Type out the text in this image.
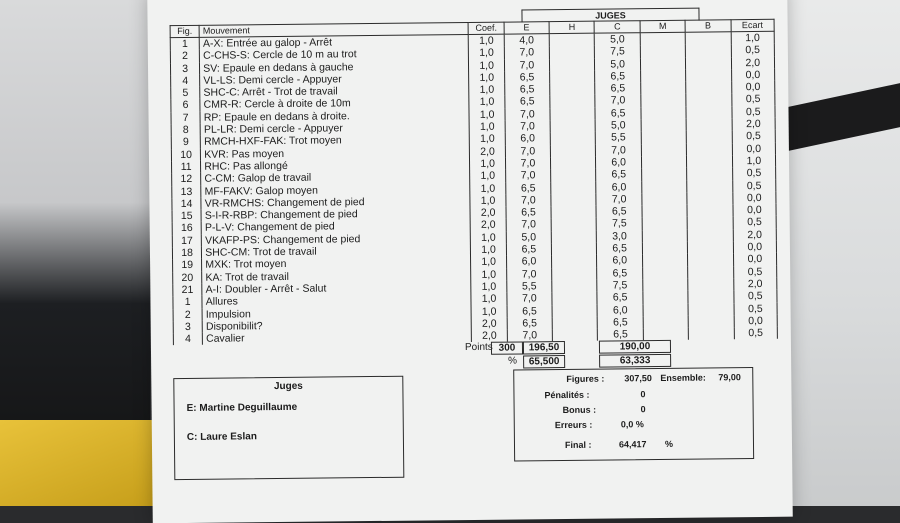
JUGES
Fig.	Mouvement	Coef.	E	H	C	M	B	Ecart
1	A-X: Entrée au galop - Arrêt	1,0	4,0		5,0			1,0
2	C-CHS-S: Cercle de 10 m au trot	1,0	7,0		7,5			0,5
3	SV: Epaule en dedans à gauche	1,0	7,0		5,0			2,0
4	VL-LS: Demi cercle - Appuyer	1,0	6,5		6,5			0,0
5	SHC-C: Arrêt - Trot de travail	1,0	6,5		6,5			0,0
6	CMR-R: Cercle à droite de 10m	1,0	6,5		7,0			0,5
7	RP: Epaule en dedans à droite.	1,0	7,0		6,5			0,5
8	PL-LR: Demi cercle - Appuyer	1,0	7,0		5,0			2,0
9	RMCH-HXF-FAK: Trot moyen	1,0	6,0		5,5			0,5
10	KVR: Pas moyen	2,0	7,0		7,0			0,0
11	RHC: Pas allongé	1,0	7,0		6,0			1,0
12	C-CM: Galop de travail	1,0	7,0		6,5			0,5
13	MF-FAKV: Galop moyen	1,0	6,5		6,0			0,5
14	VR-RMCHS: Changement de pied	1,0	7,0		7,0			0,0
15	S-I-R-RBP: Changement de pied	2,0	6,5		6,5			0,0
16	P-L-V: Changement de pied	2,0	7,0		7,5			0,5
17	VKAFP-PS: Changement de pied	1,0	5,0		3,0			2,0
18	SHC-CM: Trot de travail	1,0	6,5		6,5			0,0
19	MXK: Trot moyen	1,0	6,0		6,0			0,0
20	KA: Trot de travail	1,0	7,0		6,5			0,5
21	A-I: Doubler - Arrêt - Salut	1,0	5,5		7,5			2,0
1	Allures	1,0	7,0		6,5			0,5
2	Impulsion	1,0	6,5		6,0			0,5
3	Disponibilit?	2,0	6,5		6,5			0,0
4	Cavalier	2,0	7,0		6,5			0,5
Points 300	196,50	190,00
%	65,500	63,333
Juges
E: Martine Deguillaume
C: Laure Eslan
Figures : 307,50 Ensemble: 79,00
Pénalités :	0
Bonus :	0
Erreurs :	0,0 %
Final :	64,417 %
